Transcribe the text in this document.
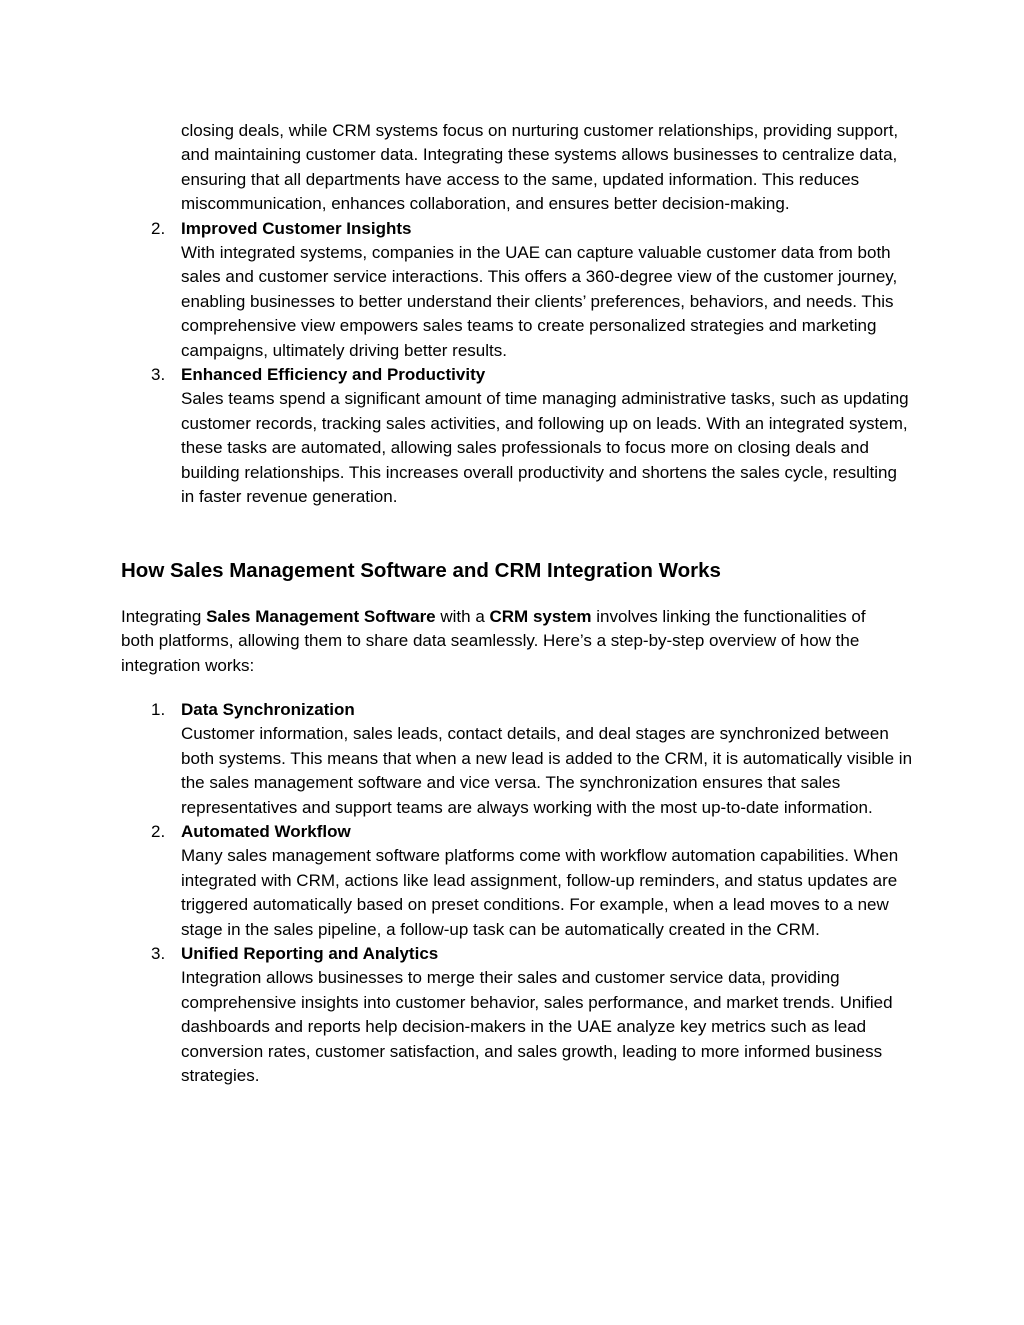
closing deals, while CRM systems focus on nurturing customer relationships, providing support, and maintaining customer data. Integrating these systems allows businesses to centralize data, ensuring that all departments have access to the same, updated information. This reduces miscommunication, enhances collaboration, and ensures better decision-making.

2. Improved Customer Insights

With integrated systems, companies in the UAE can capture valuable customer data from both sales and customer service interactions. This offers a 360-degree view of the customer journey, enabling businesses to better understand their clients’ preferences, behaviors, and needs. This comprehensive view empowers sales teams to create personalized strategies and marketing campaigns, ultimately driving better results.

3. Enhanced Efficiency and Productivity

Sales teams spend a significant amount of time managing administrative tasks, such as updating customer records, tracking sales activities, and following up on leads. With an integrated system, these tasks are automated, allowing sales professionals to focus more on closing deals and building relationships. This increases overall productivity and shortens the sales cycle, resulting in faster revenue generation.

How Sales Management Software and CRM Integration Works

Integrating Sales Management Software with a CRM system involves linking the functionalities of both platforms, allowing them to share data seamlessly. Here’s a step-by-step overview of how the integration works:

1. Data Synchronization

Customer information, sales leads, contact details, and deal stages are synchronized between both systems. This means that when a new lead is added to the CRM, it is automatically visible in the sales management software and vice versa. The synchronization ensures that sales representatives and support teams are always working with the most up-to-date information.

2. Automated Workflow

Many sales management software platforms come with workflow automation capabilities. When integrated with CRM, actions like lead assignment, follow-up reminders, and status updates are triggered automatically based on preset conditions. For example, when a lead moves to a new stage in the sales pipeline, a follow-up task can be automatically created in the CRM.

3. Unified Reporting and Analytics

Integration allows businesses to merge their sales and customer service data, providing comprehensive insights into customer behavior, sales performance, and market trends. Unified dashboards and reports help decision-makers in the UAE analyze key metrics such as lead conversion rates, customer satisfaction, and sales growth, leading to more informed business strategies.
